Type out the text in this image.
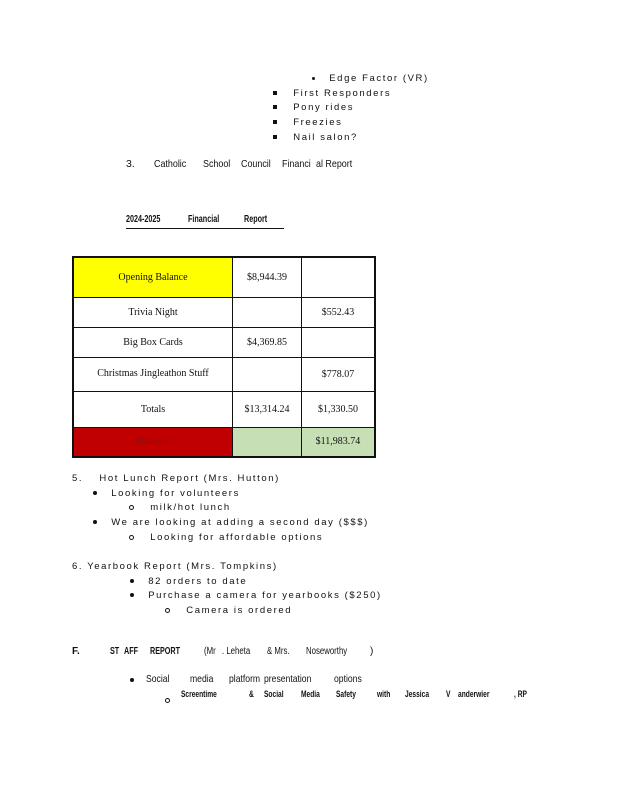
Edge Factor (VR)
First Responders
Pony rides
Freezies
Nail salon?
3. Catholic School Council Financi al Report
2024-2025	Financial Report
Opening Balance	$8,944.39	
Trivia Night		$552.43
Big Box Cards	$4,369.85	
Christmas Jingleathon Stuff		$778.07
Totals	$13,314.24	$1,330.50
Balance		$11,983.74
5. Hot Lunch Report (Mrs. Hutton)
Looking for volunteers
milk/hot lunch
We are looking at adding a second day ($$$)
Looking for affordable options
6. Yearbook Report (Mrs. Tompkins)
82 orders to date
Purchase a camera for yearbooks ($250)
Camera is ordered
F.	ST AFF REPORT (Mr . Leheta & Mrs. Noseworthy )
Social media platform presentation options
Screentime	& Social Media Safety with Jessica V anderwier	, RP
